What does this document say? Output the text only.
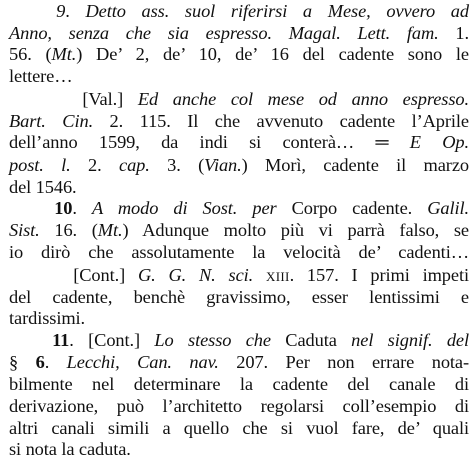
9. Detto ass. suol riferirsi a Mese, ovvero ad
Anno, senza che sia espresso. Magal. Lett. fam. 1.
56. (Mt.) De’ 2, de’ 10, de’ 16 del cadente sono le
lettere…
[Val.] Ed anche col mese od anno espresso.
Bart. Cin. 2. 115. Il che avvenuto cadente l’Aprile
dell’anno 1599, da indi si conterà… ═ E Op.
post. l. 2. cap. 3. (Vian.) Morì, cadente il marzo
del 1546.
10. A modo di Sost. per Corpo cadente. Galil.
Sist. 16. (Mt.) Adunque molto più vi parrà falso, se
io dirò che assolutamente la velocità de’ cadenti…
[Cont.] G. G. N. sci. XIII. 157. I primi impeti
del cadente, benchè gravissimo, esser lentissimi e
tardissimi.
11. [Cont.] Lo stesso che Caduta nel signif. del
§ 6. Lecchi, Can. nav. 207. Per non errare nota-
bilmente nel determinare la cadente del canale di
derivazione, può l’architetto regolarsi coll’esempio di
altri canali simili a quello che si vuol fare, de’ quali
si nota la caduta.
